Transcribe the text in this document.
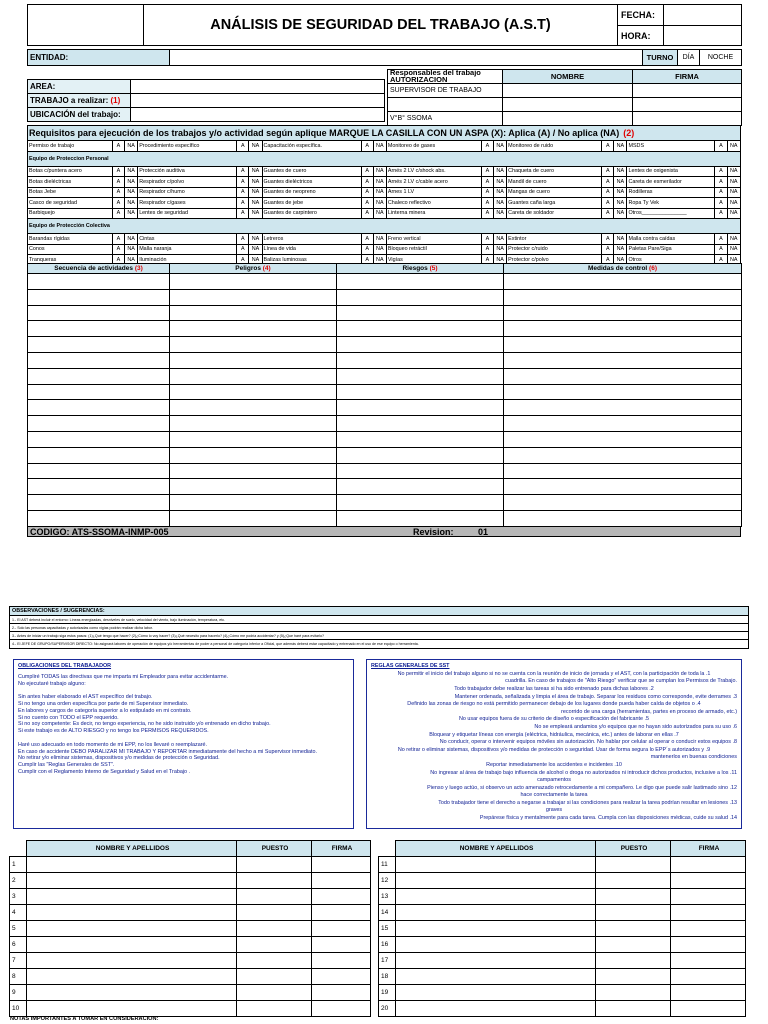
	ANÁLISIS DE SEGURIDAD DEL TRABAJO (A.S.T)	FECHA:	
		HORA:	
ENTIDAD:		TURNO	DÍA	NOCHE
AREA:	
TRABAJO a realizar: (1)	
UBICACIÓN del trabajo:	
Responsables del trabajo AUTORIZACION	NOMBRE	FIRMA
SUPERVISOR DE TRABAJO		

V°B° SSOMA		
Requisitos para ejecución de los trabajos y/o actividad según aplique MARQUE LA CASILLA CON UN ASPA (X): Aplica (A) / No aplica (NA) (2)																	
Permiso de trabajo	A	NA	Procedimiento específico	A	NA	Capacitación específica.	A	NA	Monitoreo de gases	A	NA	Monitoreo de ruido	A	NA	MSDS	A	NA
Equipo de Proteccion Personal																	
Botas c/puntera acero	A	NA	Protección auditiva	A	NA	Guantes de cuero	A	NA	Arnés 2 LV c/shock abs.	A	NA	Chaqueta de cuero	A	NA	Lentes de oxigenista	A	NA
Botas dieléctricas	A	NA	Respirador c/polvo	A	NA	Guantes dieléctricos	A	NA	Arnés 2 LV c/cable acero	A	NA	Mandil de cuero	A	NA	Careta de esmerilador	A	NA
Botas Jebe	A	NA	Respirador c/humo	A	NA	Guantes de neopreno	A	NA	Arnes 1 LV	A	NA	Mangas de cuero	A	NA	Rodilleras	A	NA
Casco de seguridad	A	NA	Respirador c/gases	A	NA	Guantes de jebe	A	NA	Chaleco reflectivo	A	NA	Guantes caña larga	A	NA	Ropa Ty Vek	A	NA
Barbiquejo	A	NA	Lentes de seguridad	A	NA	Guantes de carpintero	A	NA	Linterna minera	A	NA	Careta de soldador	A	NA	Otros_______________	A	NA
Equipo de Protección Colectiva																	
Barandas rígidas	A	NA	Cintas	A	NA	Letreros	A	NA	Freno vertical	A	NA	Extintor	A	NA	Malla contra caídas	A	NA
Conos	A	NA	Malla naranja	A	NA	Línea de vida	A	NA	Bloqueo retráctil	A	NA	Protector c/ruido	A	NA	Paletas Pare/Siga	A	NA
Tranqueras	A	NA	Iluminación	A	NA	Balizas luminosas	A	NA	Vigías	A	NA	Protector c/polvo	A	NA	Otros	A	NA
Secuencia de actividades (3)	Peligros (4)	Riesgos (5)	Medidas de control (6)

CODIGO: ATS-SSOMA-INMP-005	Revision:	01
OBSERVACIONES / SUGERENCIAS:
1.- El AST deberá incluir el entorno: Líneas energizadas, desniveles de suelo, velocidad del viento, bajo iluminación, temperatura, etc.
2.- Solo las personas capacitadas y autorizadas como vigías podrán realizar dicha labor.
3.- Antes de iniciar un trabajo siga estos pasos: (1)¿Qué tengo que hacer? (2)¿Cómo lo voy hacer? (3)¿Qué necesito para hacerlo? (4)¿Cómo me podría accidentar? y (5)¿Que haré para evitarlo?
4.- El JEFE DE GRUPO/SUPERVISOR DIRECTO: No asignará labores de operación de equipos y/o herramientas de poder a personal de categoría inferior a Oficial, que además deberá estar capacitado y entrenado en el uso de ese equipo o herramienta.
OBLIGACIONES DEL TRABAJADOR
Cumpliré TODAS las directivas que me imparta mi Empleador para evitar accidentarme.
No ejecutaré trabajo alguno:
Sin antes haber elaborado el AST específico del trabajo.
Si no tengo una orden específica por parte de mi Supervisor inmediato.
En labores y cargos de categoría superior a lo estipulado en mi contrato.
Si no cuento con TODO el EPP requerido.
Si no soy competente: Es decir, no tengo experiencia, no he sido instruido y/o entrenado en dicho trabajo.
Si este trabajo es de ALTO RIESGO y no tengo los PERMISOS REQUERIDOS.
Haré uso adecuado en todo momento de mi EPP, no los llevaré o reemplazaré.
En caso de accidente DEBO PARALIZAR MI TRABAJO Y REPORTAR inmediatamente del hecho a mi Supervisor inmediato.
No retirar y/o eliminar sistemas, dispositivos y/o medidas de protección o Seguridad.
Cumplir las "Reglas Generales de SST".
Cumplir con el Reglamento Interno de Seguridad y Salud en el Trabajo .
REGLAS GENERALES DE SST
No permitir el inicio del trabajo alguno si no se cuenta con la reunión de inicio de jornada y el AST, con la participación de toda la .1
cuadrilla. En caso de trabajos de "Alto Riesgo" verificar que se cumplan los Permisos de Trabajo.
Todo trabajador debe realizar las tareas si ha sido entrenado para dichas labores .2
Mantener ordenada, señalizada y limpia el área de trabajo. Separar los residuos como corresponde, evite derrames .3
Definido las zonas de riesgo no está permitido permanecer debajo de los lugares donde pueda haber caída de objetos o .4
recorrido de una carga (herramientas, partes en proceso de armado, etc.)
No usar equipos fuera de su criterio de diseño o especificación del fabricante .5
No se empleará andamios y/o equipos que no hayan sido autorizados para su uso .6
Bloquear y etiquetar líneas con energía (eléctrica, hidráulica, mecánica, etc.) antes de laborar en ellas .7
No conducir, operar o intervenir equipos móviles sin autorización. No hablar por celular al operar o conducir estos equipos .8
No retirar o eliminar sistemas, dispositivos y/o medidas de protección o seguridad. Usar de forma segura lo EPP´s autorizados y .9
mantenerlos en buenas condiciones
Reportar inmediatamente los accidentes e incidentes .10
No ingresar al área de trabajo bajo influencia de alcohol o droga no autorizados ni introducir dichos productos, inclusive a los .11
campamentos
Pienso y luego actúo, si observo un acto amenazado retrocedamente a mi compañero. Le digo que puede salir lastimado sino .12
hace correctamente la tarea
Todo trabajador tiene el derecho a negarse a trabajar si las condiciones para realizar la tarea podrían resultar en lesiones .13
graves
Prepárese física y mentalmente para cada tarea. Cumpla con las disposiciones médicas, cuide su salud .14
	NOMBRE Y APELLIDOS	PUESTO	FIRMA
1			
2			
3			
4			
5			
6			
7			
8			
9			
10			
	NOMBRE Y APELLIDOS	PUESTO	FIRMA
11			
12			
13			
14			
15			
16			
17			
18			
19			
20			
NOTAS IMPORTANTES A TOMAR EN CONSIDERACION:
